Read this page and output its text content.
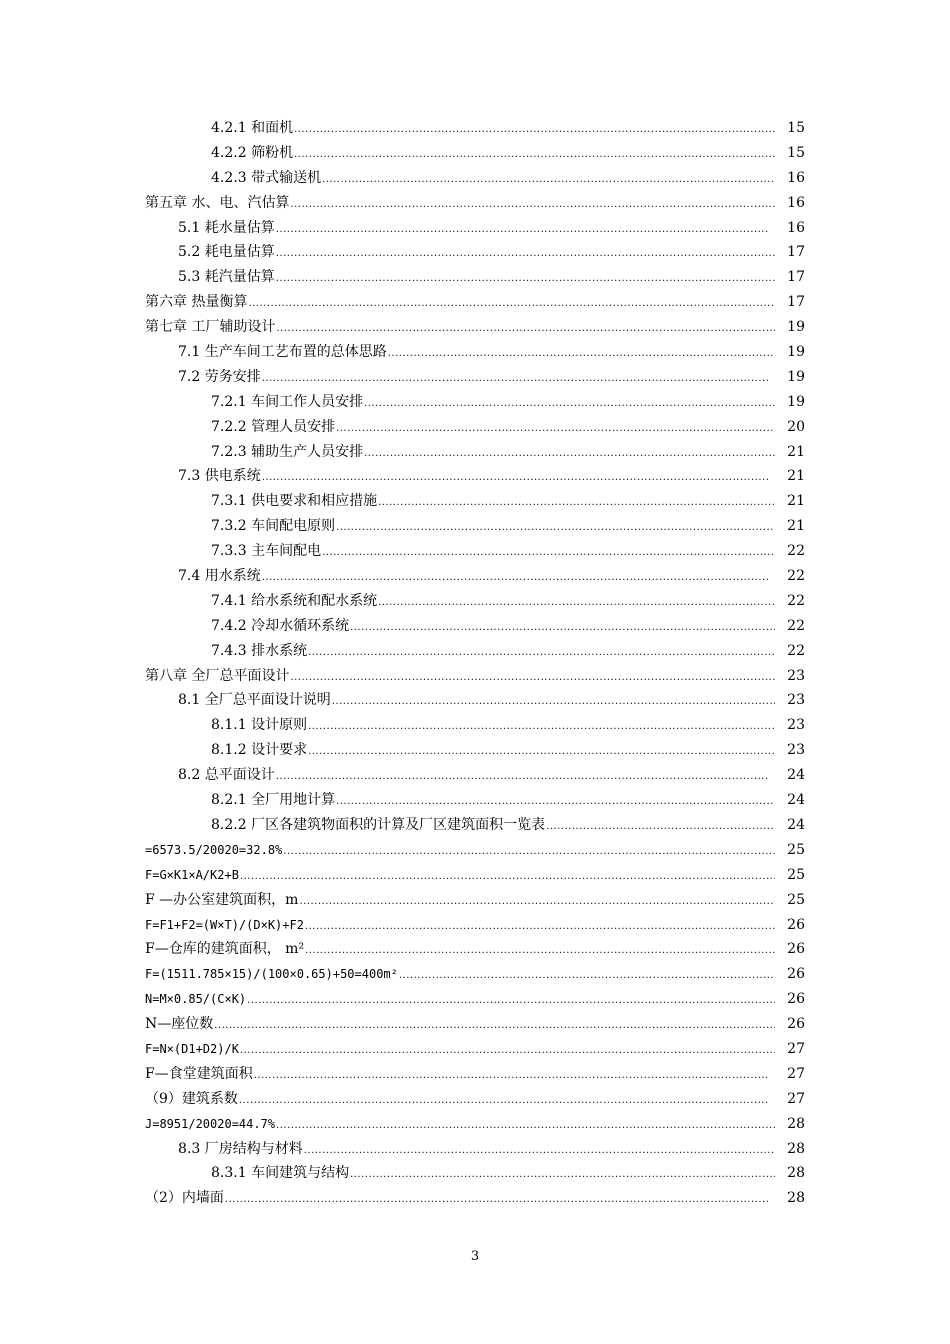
4.2.1 和面机 .....	15
4.2.2 筛粉机 .....	15
4.2.3 带式输送机 .....	16
第五章 水、电、汽估算 .....	16
5.1 耗水量估算 .....	16
5.2 耗电量估算 .....	17
5.3 耗汽量估算 .....	17
第六章 热量衡算 .....	17
第七章 工厂辅助设计 .....	19
7.1 生产车间工艺布置的总体思路 .....	19
7.2 劳务安排 .....	19
7.2.1 车间工作人员安排 .....	19
7.2.2 管理人员安排 .....	20
7.2.3 辅助生产人员安排 .....	21
7.3 供电系统 .....	21
7.3.1 供电要求和相应措施 .....	21
7.3.2 车间配电原则 .....	21
7.3.3 主车间配电 .....	22
7.4 用水系统 .....	22
7.4.1 给水系统和配水系统 .....	22
7.4.2 冷却水循环系统 .....	22
7.4.3 排水系统 .....	22
第八章 全厂总平面设计 .....	23
8.1 全厂总平面设计说明 .....	23
8.1.1 设计原则 .....	23
8.1.2 设计要求 .....	23
8.2 总平面设计 .....	24
8.2.1 全厂用地计算 .....	24
8.2.2 厂区各建筑物面积的计算及厂区建筑面积一览表 .....	24
=6573.5/20020=32.8% .....	25
F=G×K1×A/K2+B .....	25
F —办公室建筑面积，m .....	25
F=F1+F2=(W×T)/(D×K)+F2 .....	26
F—仓库的建筑面积， m² .....	26
F=(1511.785×15)/(100×0.65)+50=400m² .....	26
N=M×0.85/(C×K) .....	26
N—座位数 .....	26
F=N×(D1+D2)/K .....	27
F—食堂建筑面积 .....	27
（9）建筑系数 .....	27
J=8951/20020=44.7% .....	28
8.3 厂房结构与材料 .....	28
8.3.1 车间建筑与结构 .....	28
（2）内墙面 .....	28
3
